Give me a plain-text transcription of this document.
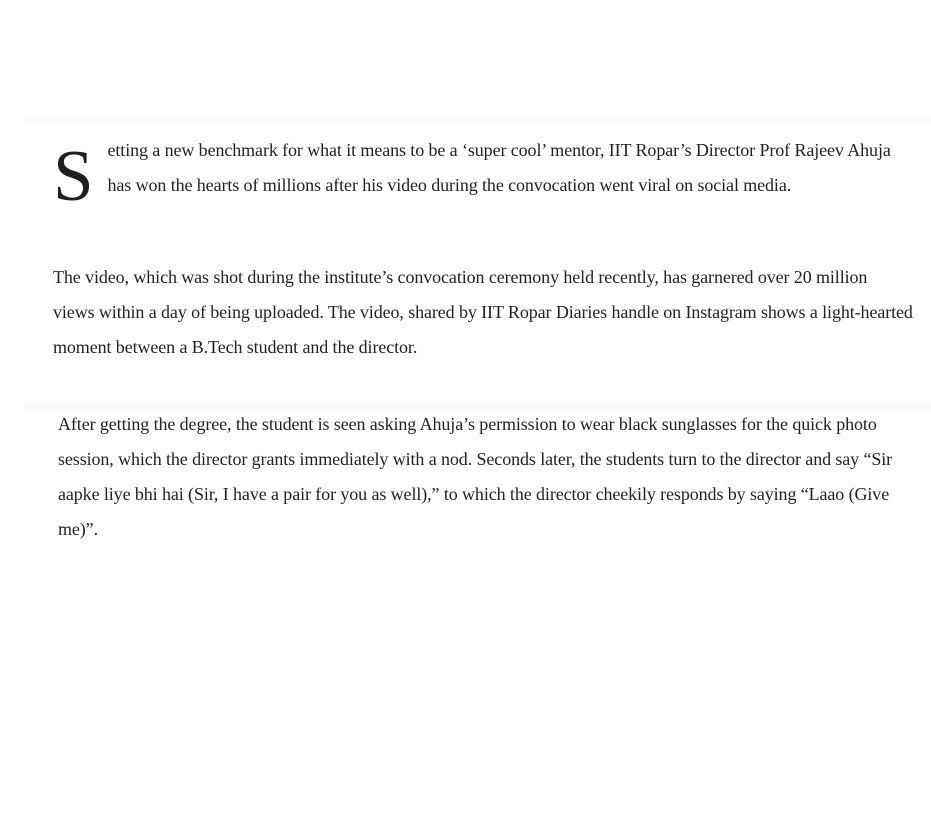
Setting a new benchmark for what it means to be a ‘super cool’ mentor, IIT Ropar’s Director Prof Rajeev Ahuja has won the hearts of millions after his video during the convocation went viral on social media.

The video, which was shot during the institute’s convocation ceremony held recently, has garnered over 20 million views within a day of being uploaded. The video, shared by IIT Ropar Diaries handle on Instagram shows a light-hearted moment between a B.Tech student and the director.

After getting the degree, the student is seen asking Ahuja’s permission to wear black sunglasses for the quick photo session, which the director grants immediately with a nod. Seconds later, the students turn to the director and say “Sir aapke liye bhi hai (Sir, I have a pair for you as well),” to which the director cheekily responds by saying “Laao (Give me)”.
